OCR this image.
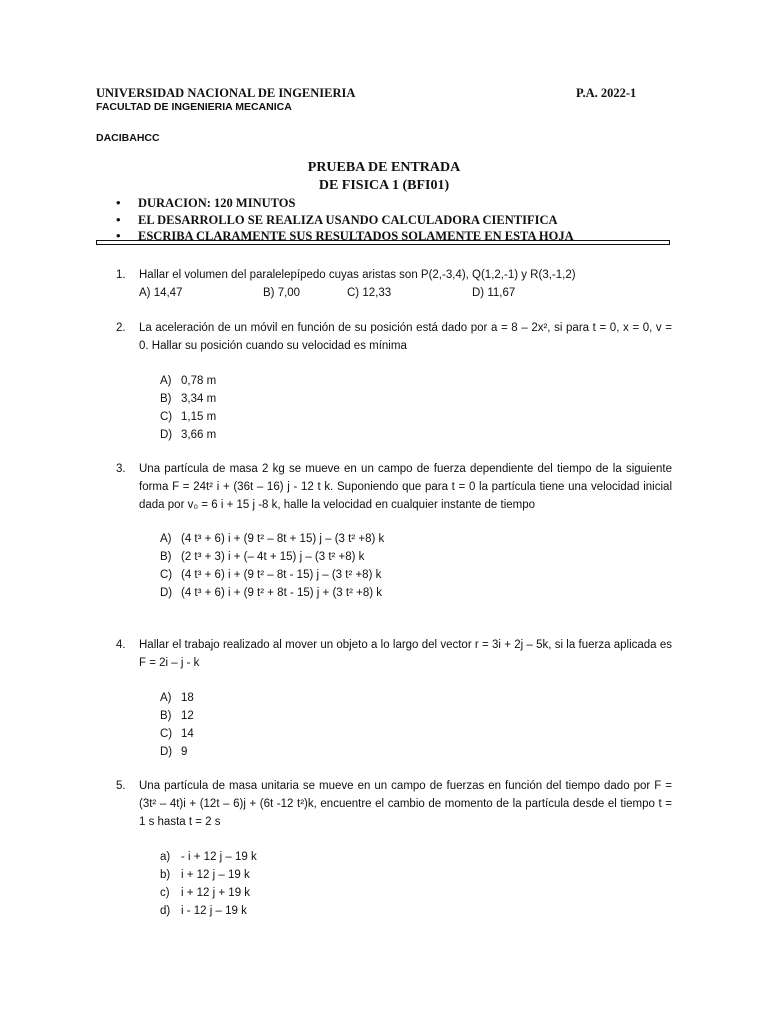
UNIVERSIDAD NACIONAL DE INGENIERIA	P.A. 2022-1
FACULTAD DE INGENIERIA MECANICA
DACIBAHCC
PRUEBA DE ENTRADA
DE FISICA 1 (BFI01)
• DURACION: 120 MINUTOS
• EL DESARROLLO SE REALIZA USANDO CALCULADORA CIENTIFICA
• ESCRIBA CLARAMENTE SUS RESULTADOS SOLAMENTE EN ESTA HOJA
1. Hallar el volumen del paralelepípedo cuyas aristas son P(2,-3,4), Q(1,2,-1) y R(3,-1,2)
A) 14,47	B) 7,00	C) 12,33	D) 11,67
2. La aceleración de un móvil en función de su posición está dado por a = 8 – 2x², si para t = 0, x = 0, v = 0. Hallar su posición cuando su velocidad es mínima
A) 0,78 m
B) 3,34 m
C) 1,15 m
D) 3,66 m
3. Una partícula de masa 2 kg se mueve en un campo de fuerza dependiente del tiempo de la siguiente forma F = 24t² i + (36t – 16) j - 12 t k. Suponiendo que para t = 0 la partícula tiene una velocidad inicial dada por v₀ = 6 i + 15 j -8 k, halle la velocidad en cualquier instante de tiempo
A) (4 t³ + 6) i + (9 t² – 8t + 15) j – (3 t² +8) k
B) (2 t³ + 3) i + (– 4t + 15) j – (3 t² +8) k
C) (4 t³ + 6) i + (9 t² – 8t - 15) j – (3 t² +8) k
D) (4 t³ + 6) i + (9 t² + 8t - 15) j + (3 t² +8) k
4. Hallar el trabajo realizado al mover un objeto a lo largo del vector r = 3i + 2j – 5k, si la fuerza aplicada es F = 2i – j - k
A) 18
B) 12
C) 14
D) 9
5. Una partícula de masa unitaria se mueve en un campo de fuerzas en función del tiempo dado por F = (3t² – 4t)i + (12t – 6)j + (6t -12 t²)k, encuentre el cambio de momento de la partícula desde el tiempo t = 1 s hasta t = 2 s
a) - i + 12 j – 19 k
b) i + 12 j – 19 k
c) i + 12 j + 19 k
d) i - 12 j – 19 k
